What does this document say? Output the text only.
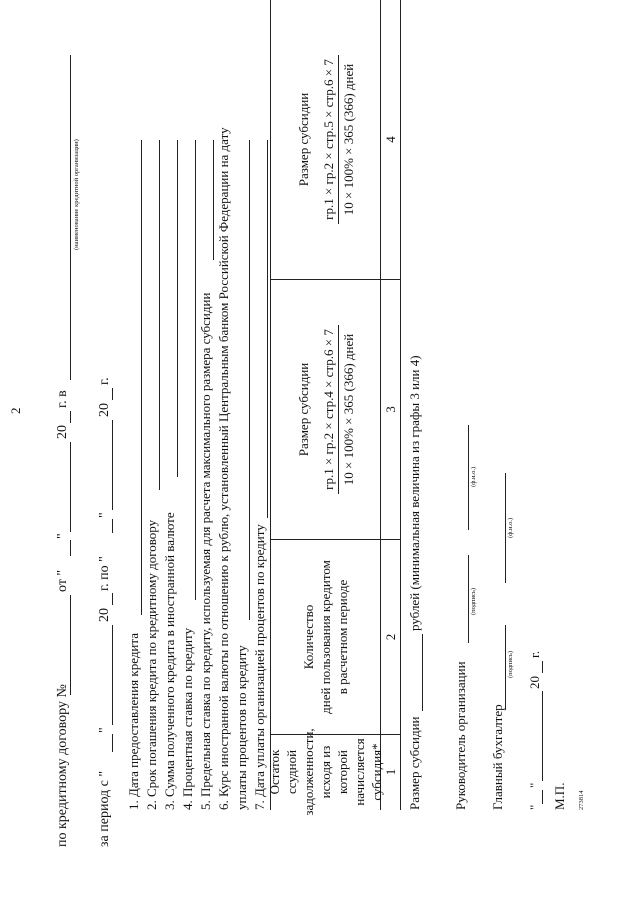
2
по кредитному договору №
от "
"
20
г. в
(наименование кредитной организации)
за период с "
"
20
г. по "
"
20
г.
1. Дата предоставления кредита 2. Срок погашения кредита по кредитному договору 3. Сумма полученного кредита в иностранной валюте 4. Процентная ставка по кредиту 5. Предельная ставка по кредиту, используемая для расчета максимального размера субсидии 6. Курс иностранной валюты по отношению к рублю, установленный Центральным банком Российской Федерации на дату уплаты процентов по кредиту 7. Дата уплаты организацией процентов по кредиту Остаток ссудной задолженности, исходя из которой начисляется субсидия*
Количество дней пользования кредитом в расчетном периоде
Размер субсидии гр.1 × гр.2 × стр.4 × стр.6 × 7 10 × 100% × 365 (366) дней
Размер субсидии гр.1 × гр.2 × стр.5 × стр.6 × 7 10 × 100% × 365 (366) дней
1
2
3
4
Размер субсидии
рублей (минимальная величина из графы 3 или 4)
Руководитель организации
(подпись)
(ф.и.о.)
Главный бухгалтер
(подпись)
(ф.и.о.)
"
"
20
г.
М.П. 273814
